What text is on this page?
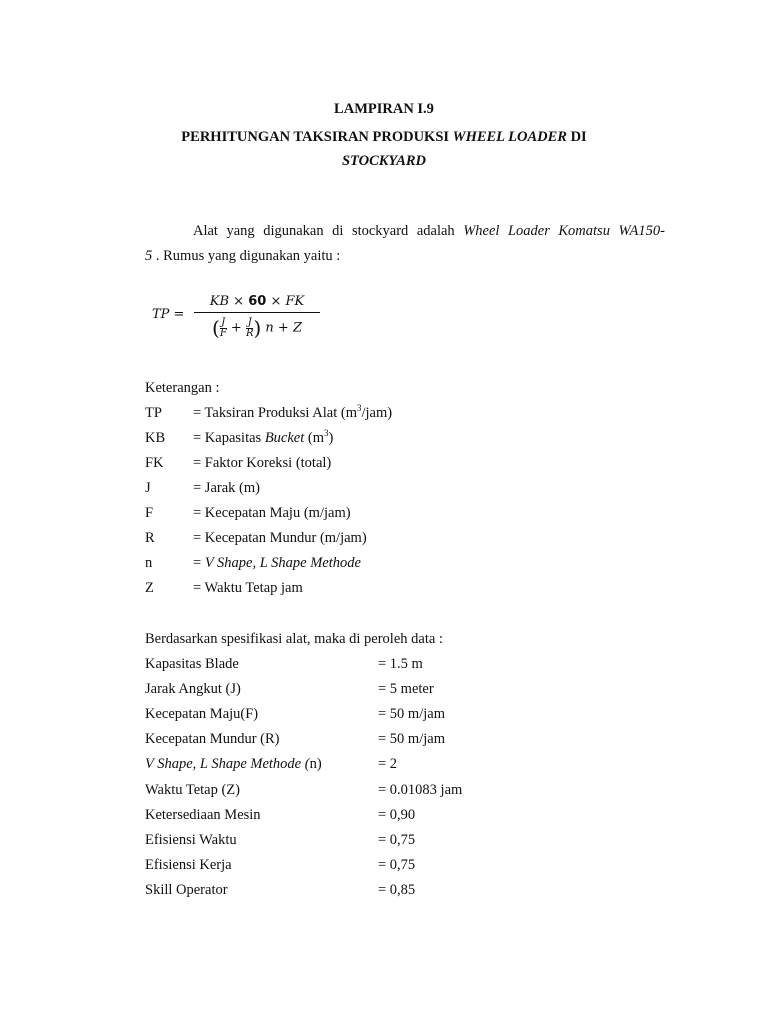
LAMPIRAN I.9
PERHITUNGAN TAKSIRAN PRODUKSI WHEEL LOADER DI
STOCKYARD
Alat yang digunakan di stockyard adalah Wheel Loader Komatsu WA150-
5 . Rumus yang digunakan yaitu :
TP = $\frac{KB \times 60 \times FK}{( \frac{J}{F} + \frac{J}{R} ) n + Z}$
Keterangan :
TP = Taksiran Produksi Alat $(m^3/jam)$
KB = Kapasitas Bucket $(m^3)$
FK = Faktor Koreksi (total)
J	= Jarak (m)
F	= Kecepatan Maju (m/jam)
R	= Kecepatan Mundur (m/jam)
n	= V Shape, L Shape Methode
Z	= Waktu Tetap jam
Berdasarkan spesifikasi alat, maka di peroleh data :
Kapasitas Blade	= 1.5 m
Jarak Angkut (J)	= 5 meter
Kecepatan Maju(F)	= 50 m/jam
Kecepatan Mundur (R)	= 50 m/jam
V Shape, L Shape Methode (n)	= 2
Waktu Tetap (Z)	= 0.01083 jam
Ketersediaan Mesin	= 0,90
Efisiensi Waktu	= 0,75
Efisiensi Kerja	= 0,75
Skill Operator	= 0,85
